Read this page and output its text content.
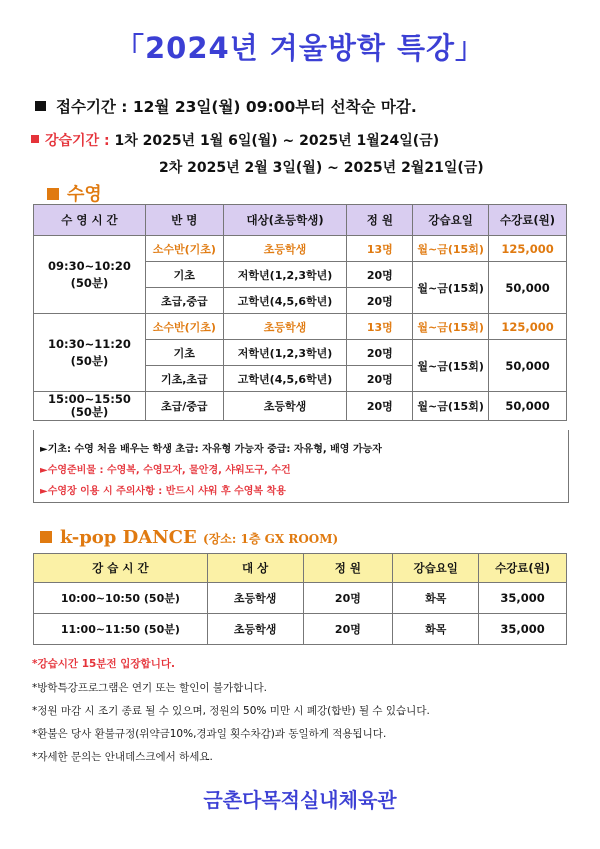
「2024년 겨울방학 특강」
접수기간 : 12월 23일(월) 09:00부터 선착순 마감.
강습기간 : 1차 2025년 1월 6일(월) ~ 2025년 1월24일(금)
2차 2025년 2월 3일(월) ~ 2025년 2월21일(금)
수영
수 영 시 간	반 명	대상(초등학생)	정 원	강습요일	수강료(원)
09:30~10:20
(50분)	소수반(기초)	초등학생	13명	월~금(15회)	125,000
	기초	저학년(1,2,3학년)	20명	월~금(15회)	50,000
	초급,중급	고학년(4,5,6학년)	20명		
10:30~11:20
(50분)	소수반(기초)	초등학생	13명	월~금(15회)	125,000
	기초	저학년(1,2,3학년)	20명	월~금(15회)	50,000
	기초,초급	고학년(4,5,6학년)	20명		
15:00~15:50
(50분)	초급/중급	초등학생	20명	월~금(15회)	50,000
►기초: 수영 처음 배우는 학생 초급: 자유형 가능자 중급: 자유형, 배영 가능자
►수영준비물 : 수영복, 수영모자, 물안경, 샤워도구, 수건
►수영장 이용 시 주의사항 : 반드시 샤워 후 수영복 착용
k-pop DANCE (장소: 1층 GX ROOM)
강 습 시 간	대 상	정 원	강습요일	수강료(원)
10:00~10:50 (50분)	초등학생	20명	화목	35,000
11:00~11:50 (50분)	초등학생	20명	화목	35,000
*강습시간 15분전 입장합니다.
*방학특강프로그램은 연기 또는 할인이 불가합니다.
*정원 마감 시 조기 종료 될 수 있으며, 정원의 50% 미만 시 폐강(합반) 될 수 있습니다.
*환불은 당사 환불규정(위약금10%,경과일 횟수차감)과 동일하게 적용됩니다.
*자세한 문의는 안내데스크에서 하세요.
금촌다목적실내체육관
